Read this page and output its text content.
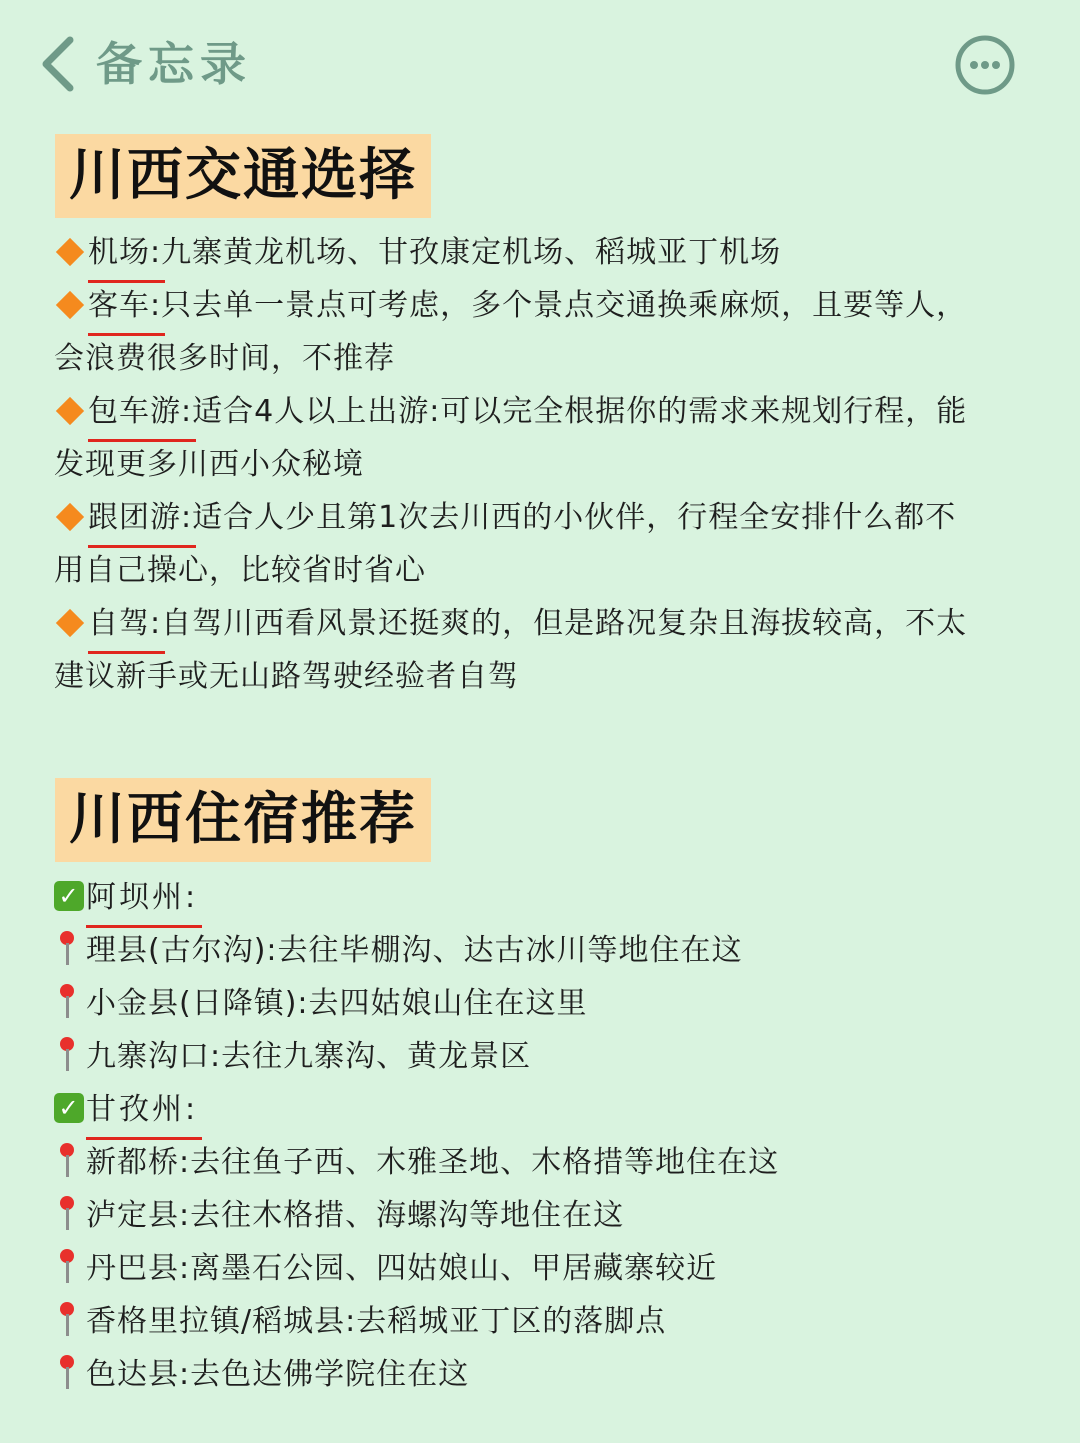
备忘录
川西交通选择
机场:九寨黄龙机场、甘孜康定机场、稻城亚丁机场
客车:只去单一景点可考虑，多个景点交通换乘麻烦，且要等人，
会浪费很多时间，不推荐
包车游:适合4人以上出游:可以完全根据你的需求来规划行程，能
发现更多川西小众秘境
跟团游:适合人少且第1次去川西的小伙伴，行程全安排什么都不
用自己操心，比较省时省心
自驾:自驾川西看风景还挺爽的，但是路况复杂且海拔较高，不太
建议新手或无山路驾驶经验者自驾
川西住宿推荐
✓ 阿坝州:
理县(古尔沟):去往毕棚沟、达古冰川等地住在这
小金县(日降镇):去四姑娘山住在这里
九寨沟口:去往九寨沟、黄龙景区
✓ 甘孜州:
新都桥:去往鱼子西、木雅圣地、木格措等地住在这
泸定县:去往木格措、海螺沟等地住在这
丹巴县:离墨石公园、四姑娘山、甲居藏寨较近
香格里拉镇/稻城县:去稻城亚丁区的落脚点
色达县:去色达佛学院住在这
